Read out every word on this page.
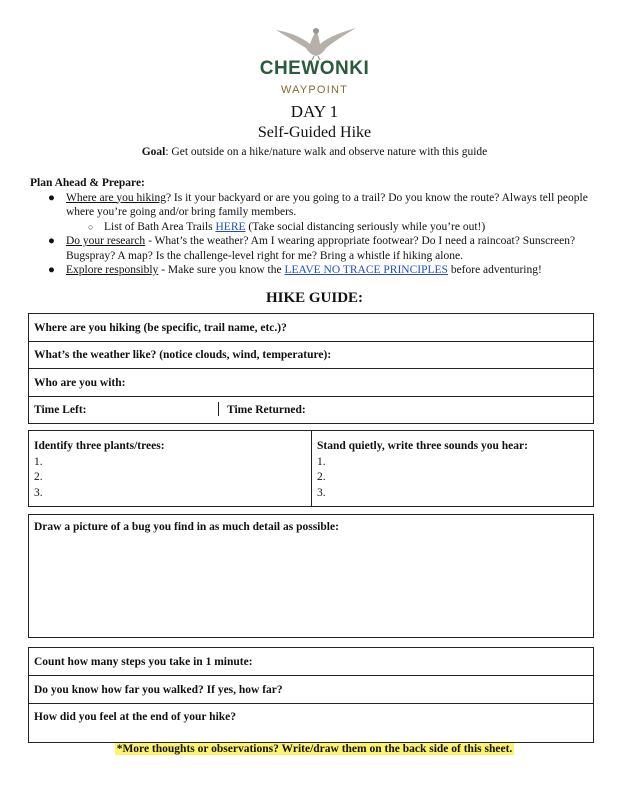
CHEWONKI
WAYPOINT
DAY 1
Self-Guided Hike
Goal: Get outside on a hike/nature walk and observe nature with this guide
Plan Ahead & Prepare:
● Where are you hiking? Is it your backyard or are you going to a trail? Do you know the route? Always tell people where you’re going and/or bring family members.
○ List of Bath Area Trails HERE (Take social distancing seriously while you’re out!)
● Do your research - What’s the weather? Am I wearing appropriate footwear? Do I need a raincoat? Sunscreen? Bugspray? A map? Is the challenge-level right for me? Bring a whistle if hiking alone.
● Explore responsibly - Make sure you know the LEAVE NO TRACE PRINCIPLES before adventuring!
HIKE GUIDE:
Where are you hiking (be specific, trail name, etc.)?
What’s the weather like? (notice clouds, wind, temperature):
Who are you with:
Time Left:	Time Returned:
Identify three plants/trees:
1.
2.
3.
Stand quietly, write three sounds you hear:
1.
2.
3.
Draw a picture of a bug you find in as much detail as possible:
Count how many steps you take in 1 minute:
Do you know how far you walked? If yes, how far?
How did you feel at the end of your hike?
*More thoughts or observations? Write/draw them on the back side of this sheet.
